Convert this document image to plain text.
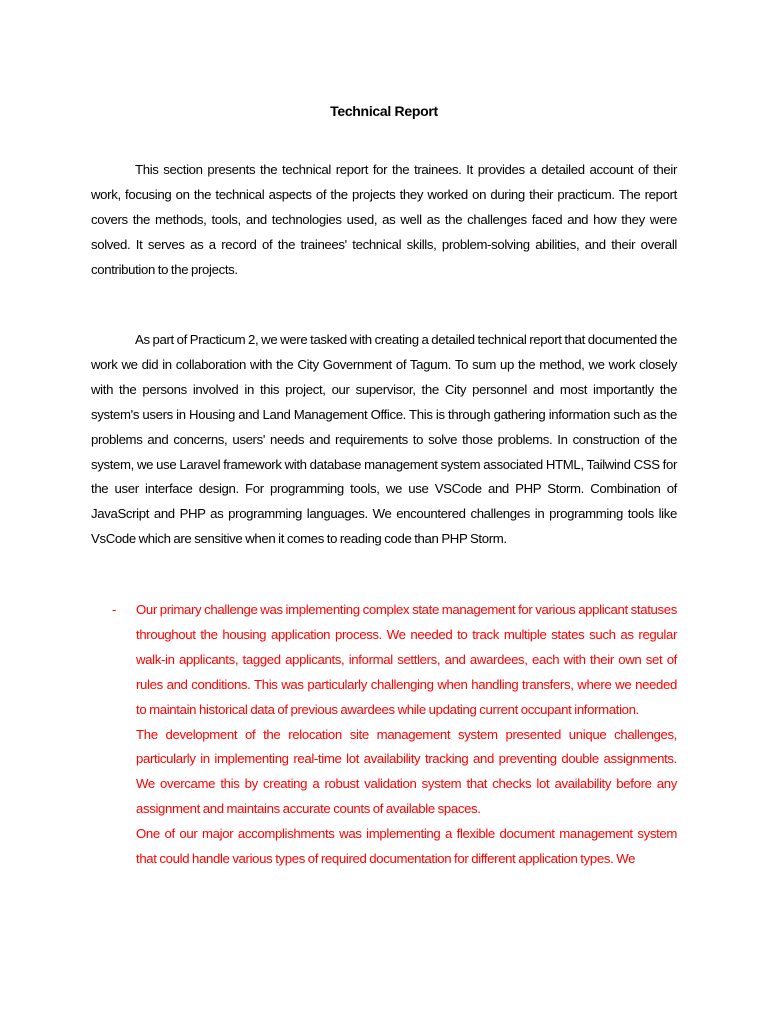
Technical Report

This section presents the technical report for the trainees. It provides a detailed account of their work, focusing on the technical aspects of the projects they worked on during their practicum. The report covers the methods, tools, and technologies used, as well as the challenges faced and how they were solved. It serves as a record of the trainees' technical skills, problem-solving abilities, and their overall contribution to the projects.

As part of Practicum 2, we were tasked with creating a detailed technical report that documented the work we did in collaboration with the City Government of Tagum. To sum up the method, we work closely with the persons involved in this project, our supervisor, the City personnel and most importantly the system's users in Housing and Land Management Office. This is through gathering information such as the problems and concerns, users' needs and requirements to solve those problems. In construction of the system, we use Laravel framework with database management system associated HTML, Tailwind CSS for the user interface design. For programming tools, we use VSCode and PHP Storm. Combination of JavaScript and PHP as programming languages. We encountered challenges in programming tools like VsCode which are sensitive when it comes to reading code than PHP Storm.

- Our primary challenge was implementing complex state management for various applicant statuses throughout the housing application process. We needed to track multiple states such as regular walk-in applicants, tagged applicants, informal settlers, and awardees, each with their own set of rules and conditions. This was particularly challenging when handling transfers, where we needed to maintain historical data of previous awardees while updating current occupant information.

The development of the relocation site management system presented unique challenges, particularly in implementing real-time lot availability tracking and preventing double assignments. We overcame this by creating a robust validation system that checks lot availability before any assignment and maintains accurate counts of available spaces.

One of our major accomplishments was implementing a flexible document management system that could handle various types of required documentation for different application types. We
